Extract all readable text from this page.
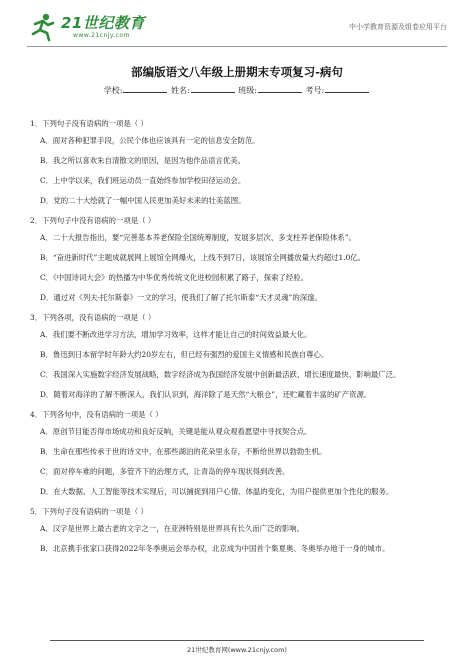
21世纪教育
www.21cnjy.com
中小学教育资源及组卷应用平台
部编版语文八年级上册期末专项复习-病句
学校:	姓名:	班级:	考号:
1．下列句子没有语病的一项是（ ）
A．面对各种犯罪手段，公民个体也应该具有一定的信息安全防范。
B．我之所以喜欢朱自清散文的原因，是因为他作品语言优美。
C．上中学以来，我们班运动员一直始终参加学校田径运动会。
D．党的二十大绘就了一幅中国人民更加美好未来的壮美蓝图。
2．下列句子中没有语病的一项是（ ）
A．二十大报告指出，要“完善基本养老保险全国统筹制度，发展多层次、多支柱养老保险体系”。
B．“奋进新时代”主题成就展网上展馆全网爆火，上线不到7日，该展馆全网播放量大约超过1.0亿。
C．《中国诗词大会》的热播为中华优秀传统文化进校园积累了路子，探索了经验。
D．通过对《列夫·托尔斯泰》一文的学习，使我们了解了托尔斯泰“天才灵魂”的深邃。
3．下列各项，没有语病的一项是（ ）
A．我们要不断改进学习方法，增加学习效率，这样才能让自己的时间效益最大化。
B．鲁迅到日本留学时年龄大约20岁左右，但已经有强烈的爱国主义情感和民族自尊心。
C．我国深入实施数字经济发展战略，数字经济成为我国经济发展中创新最活跃、增长速度最快、影响最广泛。
D．随着对海洋的了解不断深入，我们认识到，海洋除了是天然“大粮仓”，还贮藏着丰富的矿产资源。
4．下列各句中，没有语病的一项是（ ）
A．原创节目能否得市场成功和良好反响，关键是能从观众观看愿望中寻找契合点。
B．生命在那些传承于世的诗文中，在那些湖泊的花朵里永存，不断给世界以勃勃生机。
C．面对停车难的问题，多管齐下的治理方式，让青岛的停车现状得到改善。
D．在大数据、人工智能等技术实现后，可以捕捉到用户心情、体温的变化，为用户提供更加个性化的服务。
5．下列句子没有语病的一项是（ ）
A．汉字是世界上最古老的文字之一，在亚洲特别是世界具有长久而广泛的影响。
B．北京携手张家口获得2022年冬季奥运会举办权，北京成为中国首个集夏奥、冬奥举办地于一身的城市。
21世纪教育网(www.21cnjy.com)
